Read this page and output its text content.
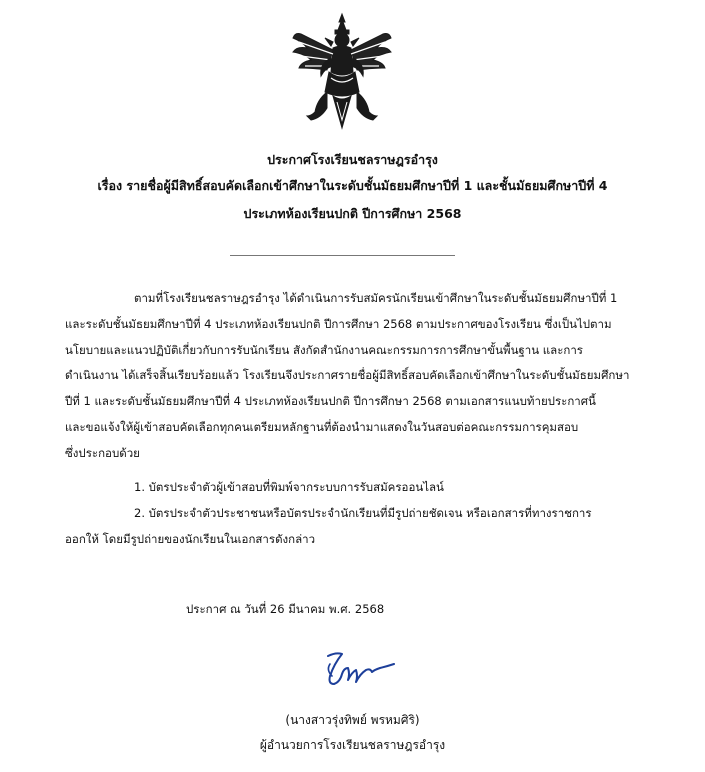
ประกาศโรงเรียนชลราษฎรอำรุง
เรื่อง รายชื่อผู้มีสิทธิ์สอบคัดเลือกเข้าศึกษาในระดับชั้นมัธยมศึกษาปีที่ 1 และชั้นมัธยมศึกษาปีที่ 4
ประเภทห้องเรียนปกติ ปีการศึกษา 2568
ตามที่โรงเรียนชลราษฎรอำรุง ได้ดำเนินการรับสมัครนักเรียนเข้าศึกษาในระดับชั้นมัธยมศึกษาปีที่ 1
และระดับชั้นมัธยมศึกษาปีที่ 4 ประเภทห้องเรียนปกติ ปีการศึกษา 2568 ตามประกาศของโรงเรียน ซึ่งเป็นไปตาม
นโยบายและแนวปฏิบัติเกี่ยวกับการรับนักเรียน สังกัดสำนักงานคณะกรรมการการศึกษาขั้นพื้นฐาน และการ
ดำเนินงาน ได้เสร็จสิ้นเรียบร้อยแล้ว โรงเรียนจึงประกาศรายชื่อผู้มีสิทธิ์สอบคัดเลือกเข้าศึกษาในระดับชั้นมัธยมศึกษา
ปีที่ 1 และระดับชั้นมัธยมศึกษาปีที่ 4 ประเภทห้องเรียนปกติ ปีการศึกษา 2568 ตามเอกสารแนบท้ายประกาศนี้
และขอแจ้งให้ผู้เข้าสอบคัดเลือกทุกคนเตรียมหลักฐานที่ต้องนำมาแสดงในวันสอบต่อคณะกรรมการคุมสอบ
ซึ่งประกอบด้วย
1. บัตรประจำตัวผู้เข้าสอบที่พิมพ์จากระบบการรับสมัครออนไลน์
2. บัตรประจำตัวประชาชนหรือบัตรประจำนักเรียนที่มีรูปถ่ายชัดเจน หรือเอกสารที่ทางราชการ
ออกให้ โดยมีรูปถ่ายของนักเรียนในเอกสารดังกล่าว
ประกาศ ณ วันที่ 26 มีนาคม พ.ศ. 2568
(นางสาวรุ่งทิพย์ พรหมศิริ)
ผู้อำนวยการโรงเรียนชลราษฎรอำรุง
